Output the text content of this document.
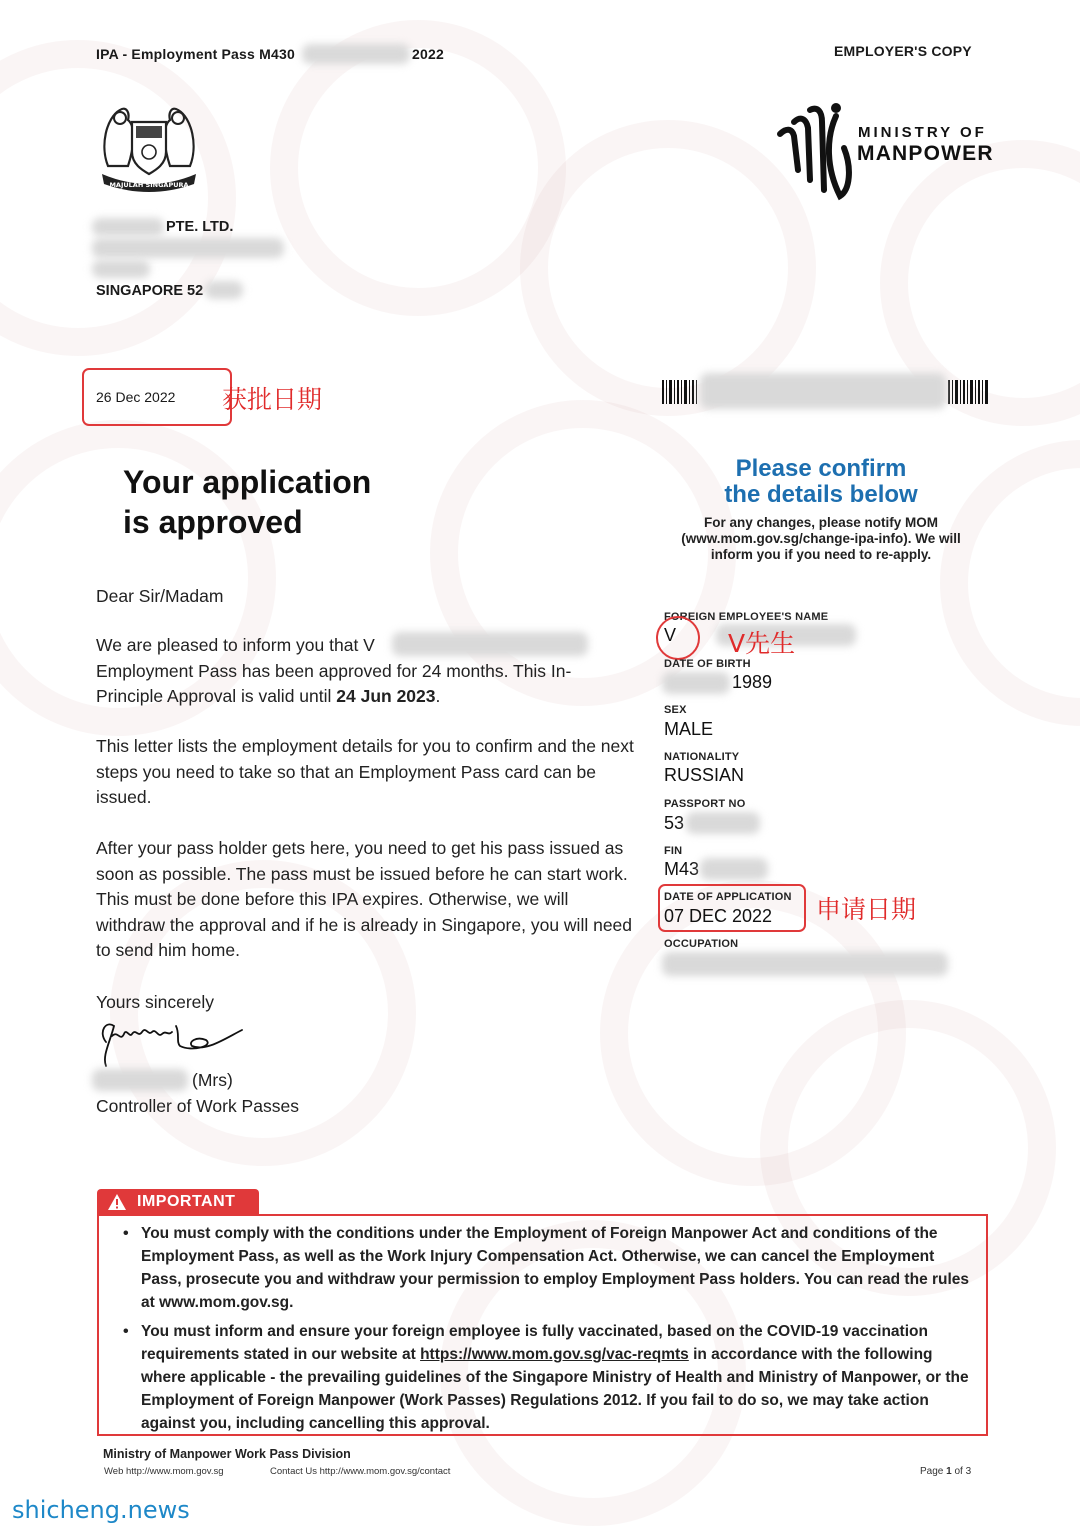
IPA - Employment Pass M430	2022	EMPLOYER'S COPY
MAJULAH SINGAPURA
MINISTRY OF
MANPOWER
PTE. LTD.
SINGAPORE 52
26 Dec 2022 获批日期
Your application
is approved
Please confirm
the details below
For any changes, please notify MOM
(www.mom.gov.sg/change-ipa-info). We will
inform you if you need to re-apply.
Dear Sir/Madam
We are pleased to inform you that V
Employment Pass has been approved for 24 months. This In-
Principle Approval is valid until 24 Jun 2023.
This letter lists the employment details for you to confirm and the next steps you need to take so that an Employment Pass card can be issued.
After your pass holder gets here, you need to get his pass issued as soon as possible. The pass must be issued before he can start work. This must be done before this IPA expires. Otherwise, we will withdraw the approval and if he is already in Singapore, you will need to send him home.
Yours sincerely
(Mrs)
Controller of Work Passes
FOREIGN EMPLOYEE'S NAME
V V先生
DATE OF BIRTH
1989
SEX
MALE
NATIONALITY
RUSSIAN
PASSPORT NO
53
FIN
M43
DATE OF APPLICATION
07 DEC 2022 申请日期
OCCUPATION
IMPORTANT
• You must comply with the conditions under the Employment of Foreign Manpower Act and conditions of the Employment Pass, as well as the Work Injury Compensation Act. Otherwise, we can cancel the Employment Pass, prosecute you and withdraw your permission to employ Employment Pass holders. You can read the rules at www.mom.gov.sg.
• You must inform and ensure your foreign employee is fully vaccinated, based on the COVID-19 vaccination requirements stated in our website at https://www.mom.gov.sg/vac-reqmts in accordance with the following where applicable - the prevailing guidelines of the Singapore Ministry of Health and Ministry of Manpower, or the Employment of Foreign Manpower (Work Passes) Regulations 2012. If you fail to do so, we may take action against you, including cancelling this approval.
Ministry of Manpower Work Pass Division
Web http://www.mom.gov.sg	Contact Us http://www.mom.gov.sg/contact	Page 1 of 3
shicheng.news
